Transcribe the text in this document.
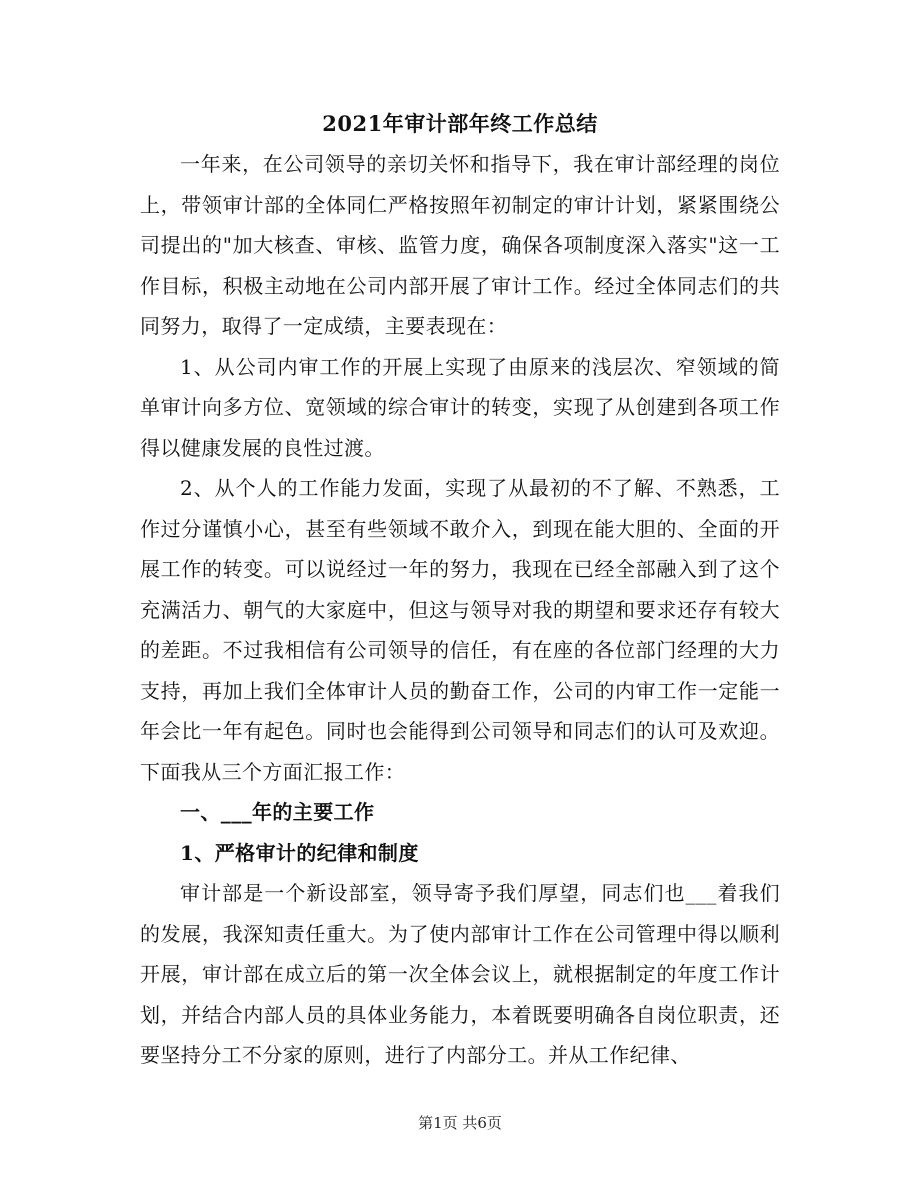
2021年审计部年终工作总结

一年来，在公司领导的亲切关怀和指导下，我在审计部经理的岗位上，带领审计部的全体同仁严格按照年初制定的审计计划，紧紧围绕公司提出的"加大核查、审核、监管力度，确保各项制度深入落实"这一工作目标，积极主动地在公司内部开展了审计工作。经过全体同志们的共同努力，取得了一定成绩，主要表现在：

1、从公司内审工作的开展上实现了由原来的浅层次、窄领域的简单审计向多方位、宽领域的综合审计的转变，实现了从创建到各项工作得以健康发展的良性过渡。

2、从个人的工作能力发面，实现了从最初的不了解、不熟悉，工作过分谨慎小心，甚至有些领域不敢介入，到现在能大胆的、全面的开展工作的转变。可以说经过一年的努力，我现在已经全部融入到了这个充满活力、朝气的大家庭中，但这与领导对我的期望和要求还存有较大的差距。不过我相信有公司领导的信任，有在座的各位部门经理的大力支持，再加上我们全体审计人员的勤奋工作，公司的内审工作一定能一年会比一年有起色。同时也会能得到公司领导和同志们的认可及欢迎。下面我从三个方面汇报工作：

一、___年的主要工作

1、严格审计的纪律和制度

审计部是一个新设部室，领导寄予我们厚望，同志们也___着我们的发展，我深知责任重大。为了使内部审计工作在公司管理中得以顺利开展，审计部在成立后的第一次全体会议上，就根据制定的年度工作计划，并结合内部人员的具体业务能力，本着既要明确各自岗位职责，还要坚持分工不分家的原则，进行了内部分工。并从工作纪律、

第1页 共6页
